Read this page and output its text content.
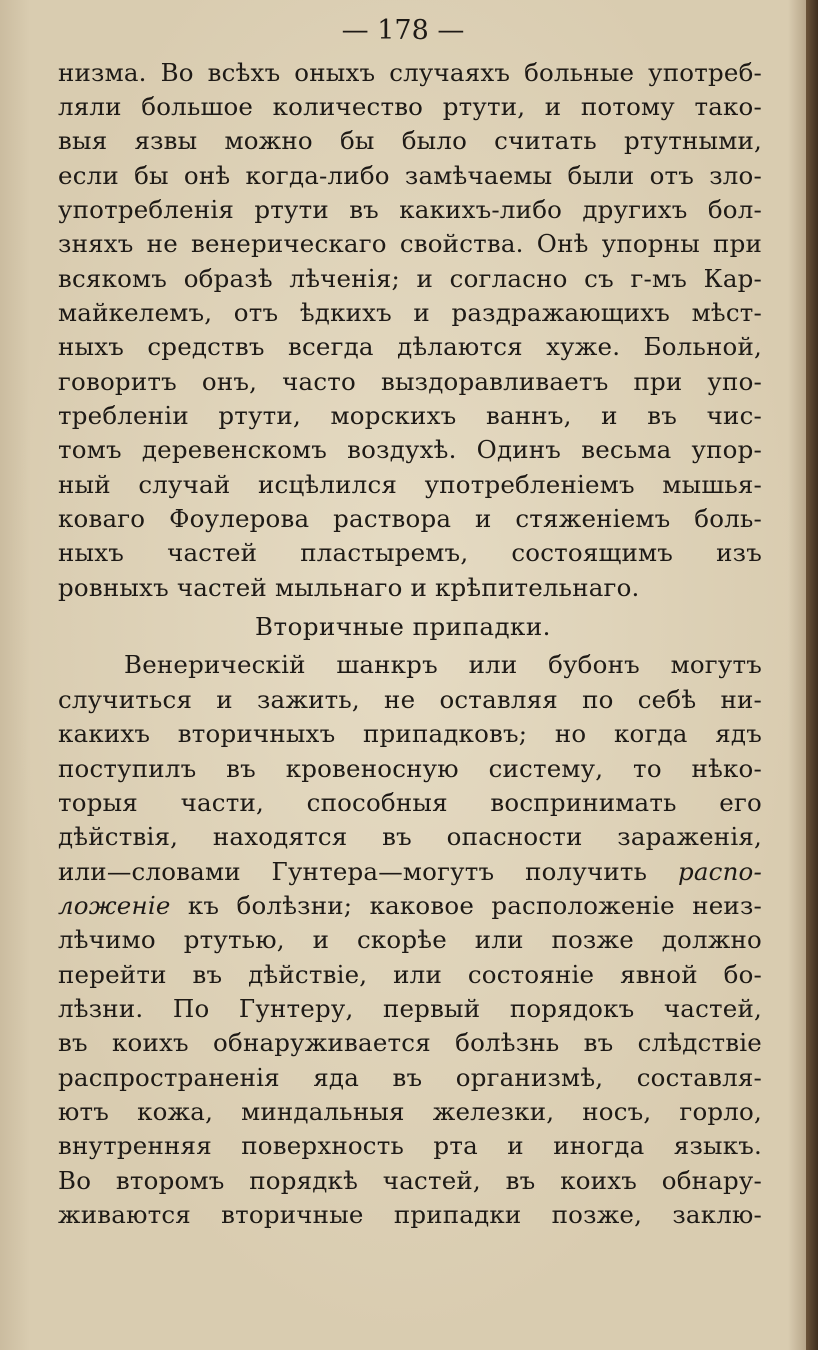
— 178 —
низма. Во всѣхъ оныхъ случаяхъ больные употреб-
ляли большое количество ртути, и потому тако-
выя язвы можно бы было считать ртутными,
если бы онѣ когда-либо замѣчаемы были отъ зло-
употребленія ртути въ какихъ-либо другихъ бол-
зняхъ не венерическаго свойства. Онѣ упорны при
всякомъ образѣ лѣченія; и согласно съ г-мъ Кар-
майкелемъ, отъ ѣдкихъ и раздражающихъ мѣст-
ныхъ средствъ всегда дѣлаются хуже. Больной,
говоритъ онъ, часто выздоравливаетъ при упо-
требленіи ртути, морскихъ ваннъ, и въ чис-
томъ деревенскомъ воздухѣ. Одинъ весьма упор-
ный случай исцѣлился употребленіемъ мышья-
коваго Фоулерова раствора и стяженіемъ боль-
ныхъ частей пластыремъ, состоящимъ изъ
ровныхъ частей мыльнаго и крѣпительнаго.
Вторичные припадки.
Венерическій шанкръ или бубонъ могутъ
случиться и зажить, не оставляя по себѣ ни-
какихъ вторичныхъ припадковъ; но когда ядъ
поступилъ въ кровеносную систему, то нѣко-
торыя части, способныя воспринимать его
дѣйствія, находятся въ опасности зараженія,
или—словами Гунтера—могутъ получить распо-
ложеніе къ болѣзни; каковое расположеніе неиз-
лѣчимо ртутью, и скорѣе или позже должно
перейти въ дѣйствіе, или состояніе явной бо-
лѣзни. По Гунтеру, первый порядокъ частей,
въ коихъ обнаруживается болѣзнь въ слѣдствіе
распространенія яда въ организмѣ, составля-
ютъ кожа, миндальныя железки, носъ, горло,
внутренняя поверхность рта и иногда языкъ.
Во второмъ порядкѣ частей, въ коихъ обнару-
живаются вторичные припадки позже, заклю-
